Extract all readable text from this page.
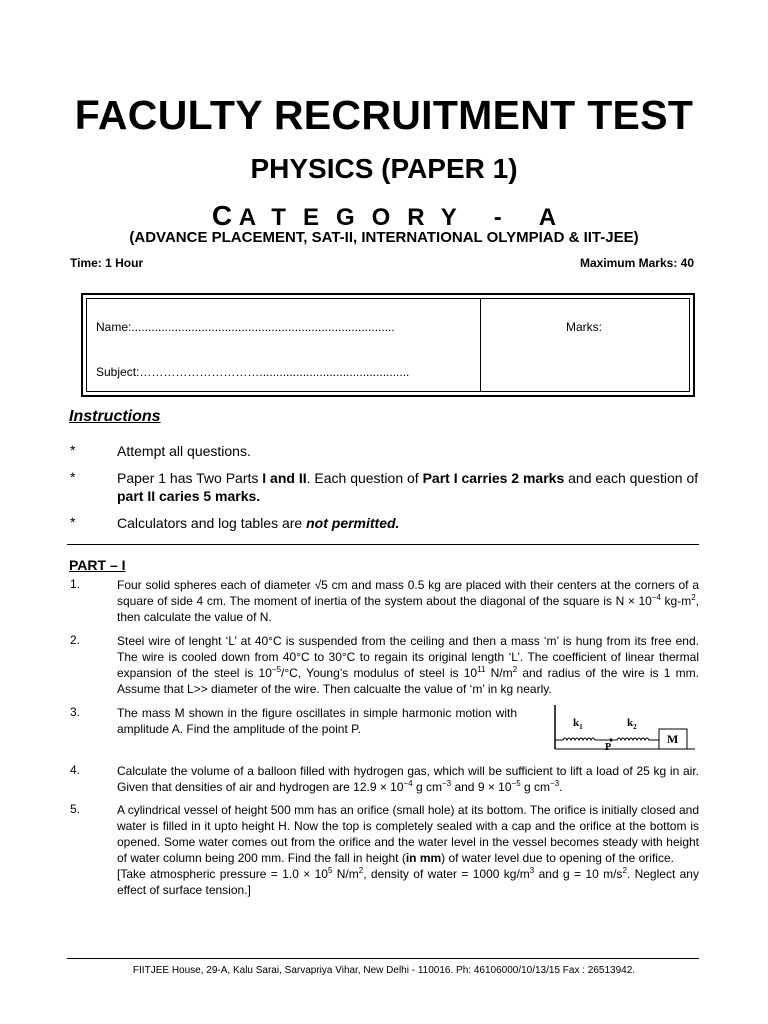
FACULTY RECRUITMENT TEST
PHYSICS (PAPER 1)
C ATEGORY - A
(ADVANCE PLACEMENT, SAT-II, INTERNATIONAL OLYMPIAD & IIT-JEE)
Time: 1 Hour	Maximum Marks: 40
Name:...............................................................................
Subject:………………………….............................................
Marks:
Instructions
*	Attempt all questions.
*	Paper 1 has Two Parts I and II. Each question of Part I carries 2 marks and each question of part II caries 5 marks.
*	Calculators and log tables are not permitted.
PART – I
1.	Four solid spheres each of diameter √5 cm and mass 0.5 kg are placed with their centers at the corners of a square of side 4 cm. The moment of inertia of the system about the diagonal of the square is $N \times 10^{-4}$ $kg-m^2$, then calculate the value of N.
2.	Steel wire of lenght ‘L’ at 40°C is suspended from the ceiling and then a mass ‘m’ is hung from its free end. The wire is cooled down from 40°C to 30°C to regain its original length ‘L’. The coefficient of linear thermal expansion of the steel is $10^{-5}/^\circ C$, Young’s modulus of steel is $10^{11}$ $N/m^2$ and radius of the wire is 1 mm. Assume that L>> diameter of the wire. Then calcualte the value of ‘m’ in kg nearly.
3.	The mass M shown in the figure oscillates in simple harmonic motion with amplitude A. Find the amplitude of the point P.	$k_1$	$k_2$
P
M
4.	Calculate the volume of a balloon filled with hydrogen gas, which will be sufficient to lift a load of 25 kg in air. Given that densities of air and hydrogen are $12.9 \times 10^{-4}$ g $cm^{-3}$ and $9 \times 10^{-5}$ g $cm^{-3}$.
5.	A cylindrical vessel of height 500 mm has an orifice (small hole) at its bottom. The orifice is initially closed and water is filled in it upto height H. Now the top is completely sealed with a cap and the orifice at the bottom is opened. Some water comes out from the orifice and the water level in the vessel becomes steady with height of water column being 200 mm. Find the fall in height (in mm) of water level due to opening of the orifice.
[Take atmospheric pressure = $1.0 \times 10^5$ $N/m^2$, density of water = 1000 $kg/m^3$ and g = 10 $m/s^2$. Neglect any effect of surface tension.]
FIITJEE House, 29-A, Kalu Sarai, Sarvapriya Vihar, New Delhi - 110016. Ph: 46106000/10/13/15 Fax : 26513942.
